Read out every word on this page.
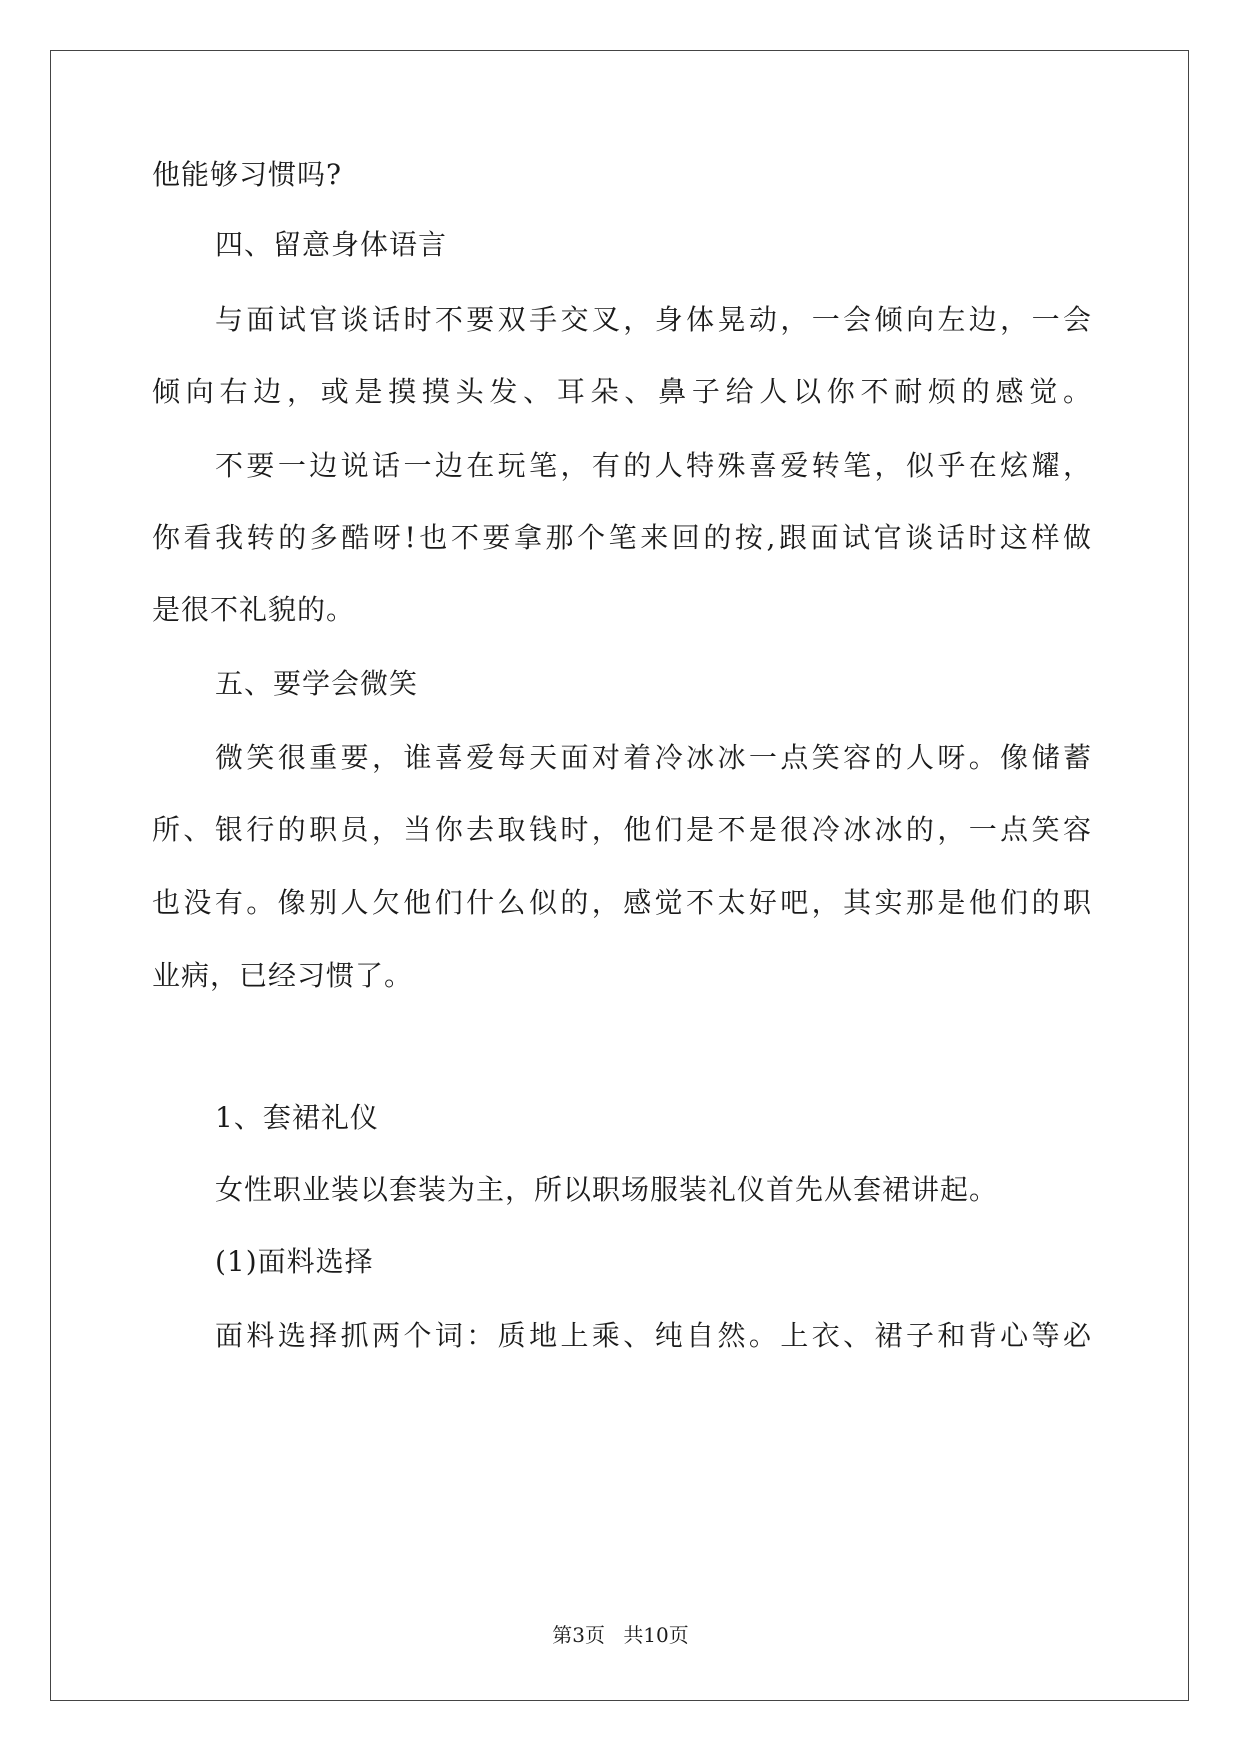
他能够习惯吗?
四、留意身体语言
与面试官谈话时不要双手交叉，身体晃动，一会倾向左边，一会
倾向右边，或是摸摸头发、耳朵、鼻子给人以你不耐烦的感觉。
不要一边说话一边在玩笔，有的人特殊喜爱转笔，似乎在炫耀，
你看我转的多酷呀!也不要拿那个笔来回的按,跟面试官谈话时这样做
是很不礼貌的。
五、要学会微笑
微笑很重要，谁喜爱每天面对着冷冰冰一点笑容的人呀。像储蓄
所、银行的职员，当你去取钱时，他们是不是很冷冰冰的，一点笑容
也没有。像别人欠他们什么似的，感觉不太好吧，其实那是他们的职
业病，已经习惯了。
1、套裙礼仪
女性职业装以套装为主，所以职场服装礼仪首先从套裙讲起。
(1)面料选择
面料选择抓两个词：质地上乘、纯自然。上衣、裙子和背心等必
第3页 共10页
